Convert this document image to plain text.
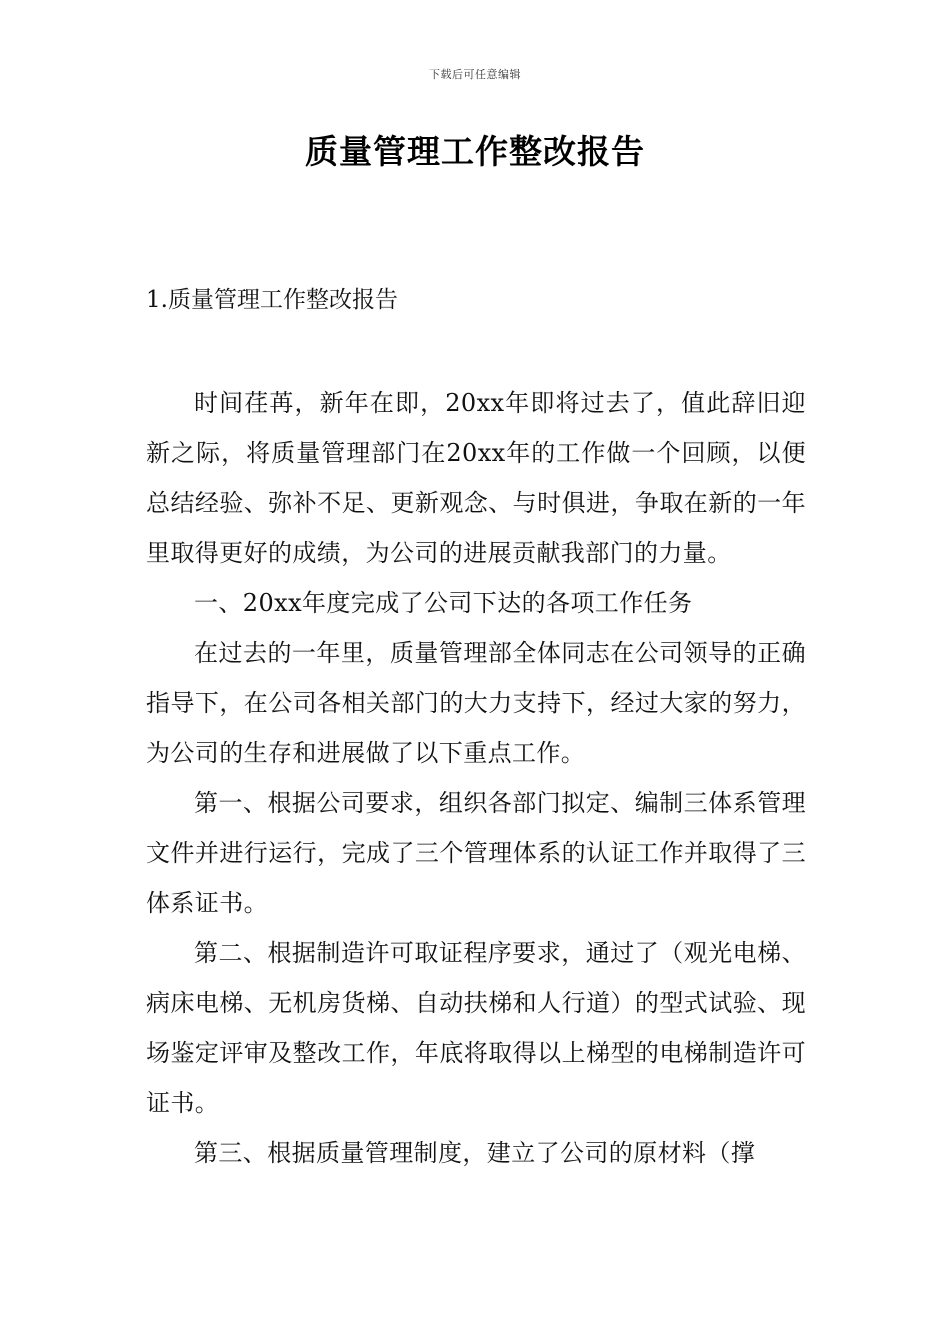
下载后可任意编辑
质量管理工作整改报告
1.质量管理工作整改报告

时间荏苒，新年在即，20xx年即将过去了，值此辞旧迎新之际，将质量管理部门在20xx年的工作做一个回顾，以便总结经验、弥补不足、更新观念、与时俱进，争取在新的一年里取得更好的成绩，为公司的进展贡献我部门的力量。

一、20xx年度完成了公司下达的各项工作任务

在过去的一年里，质量管理部全体同志在公司领导的正确指导下，在公司各相关部门的大力支持下，经过大家的努力，为公司的生存和进展做了以下重点工作。

第一、根据公司要求，组织各部门拟定、编制三体系管理文件并进行运行，完成了三个管理体系的认证工作并取得了三体系证书。

第二、根据制造许可取证程序要求，通过了（观光电梯、病床电梯、无机房货梯、自动扶梯和人行道）的型式试验、现场鉴定评审及整改工作，年底将取得以上梯型的电梯制造许可证书。

第三、根据质量管理制度，建立了公司的原材料（撑
